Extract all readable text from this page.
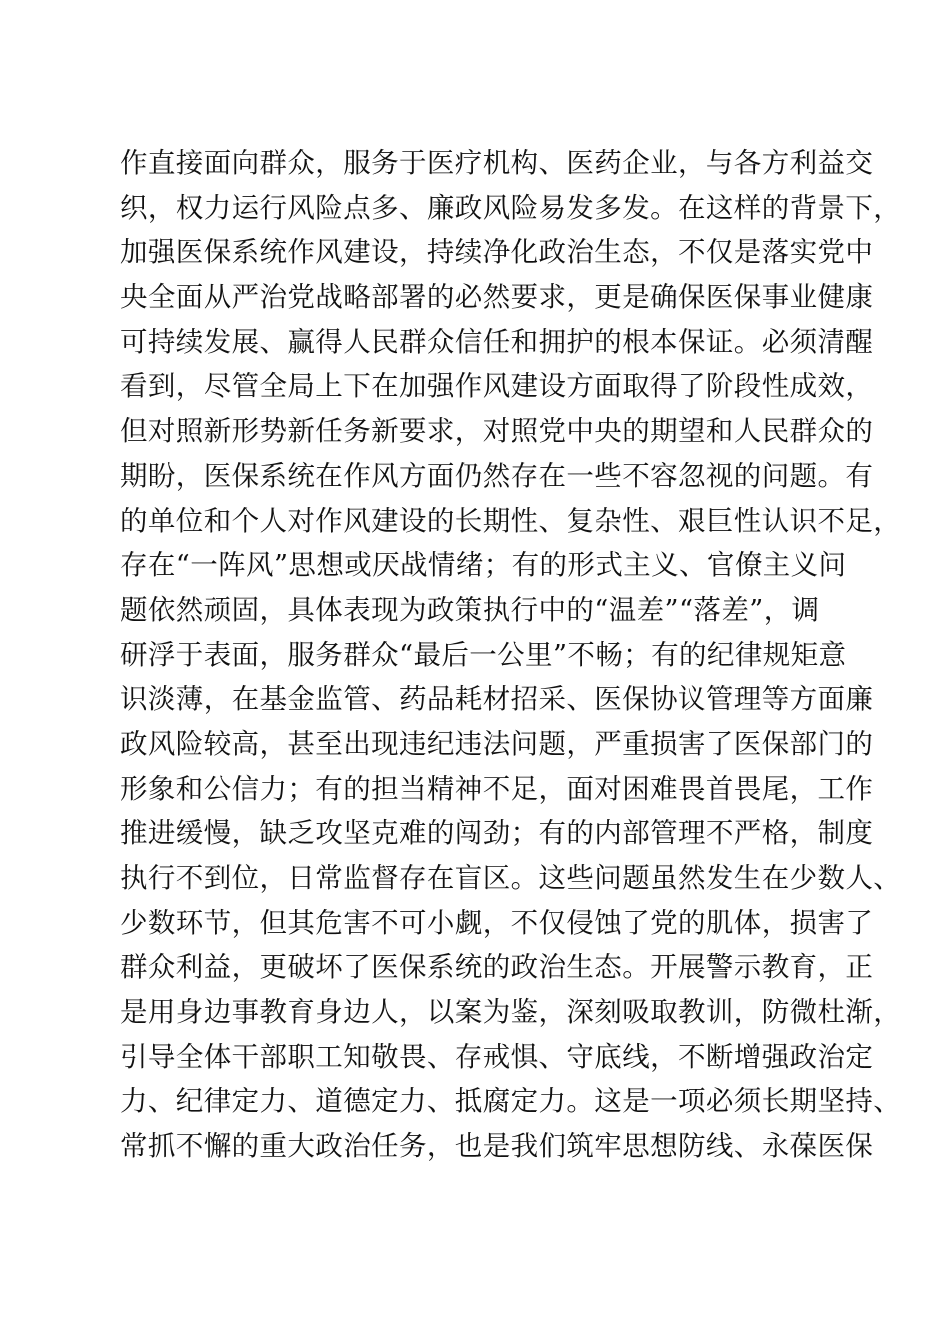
作直接面向群众，服务于医疗机构、医药企业，与各方利益交
织，权力运行风险点多、廉政风险易发多发。在这样的背景下，
加强医保系统作风建设，持续净化政治生态，不仅是落实党中
央全面从严治党战略部署的必然要求，更是确保医保事业健康
可持续发展、赢得人民群众信任和拥护的根本保证。必须清醒
看到，尽管全局上下在加强作风建设方面取得了阶段性成效，
但对照新形势新任务新要求，对照党中央的期望和人民群众的
期盼，医保系统在作风方面仍然存在一些不容忽视的问题。有
的单位和个人对作风建设的长期性、复杂性、艰巨性认识不足，
存在“一阵风”思想或厌战情绪；有的形式主义、官僚主义问
题依然顽固，具体表现为政策执行中的“温差”“落差”，调
研浮于表面，服务群众“最后一公里”不畅；有的纪律规矩意
识淡薄，在基金监管、药品耗材招采、医保协议管理等方面廉
政风险较高，甚至出现违纪违法问题，严重损害了医保部门的
形象和公信力；有的担当精神不足，面对困难畏首畏尾，工作
推进缓慢，缺乏攻坚克难的闯劲；有的内部管理不严格，制度
执行不到位，日常监督存在盲区。这些问题虽然发生在少数人、
少数环节，但其危害不可小觑，不仅侵蚀了党的肌体，损害了
群众利益，更破坏了医保系统的政治生态。开展警示教育，正
是用身边事教育身边人，以案为鉴，深刻吸取教训，防微杜渐，
引导全体干部职工知敬畏、存戒惧、守底线，不断增强政治定
力、纪律定力、道德定力、抵腐定力。这是一项必须长期坚持、
常抓不懈的重大政治任务，也是我们筑牢思想防线、永葆医保
